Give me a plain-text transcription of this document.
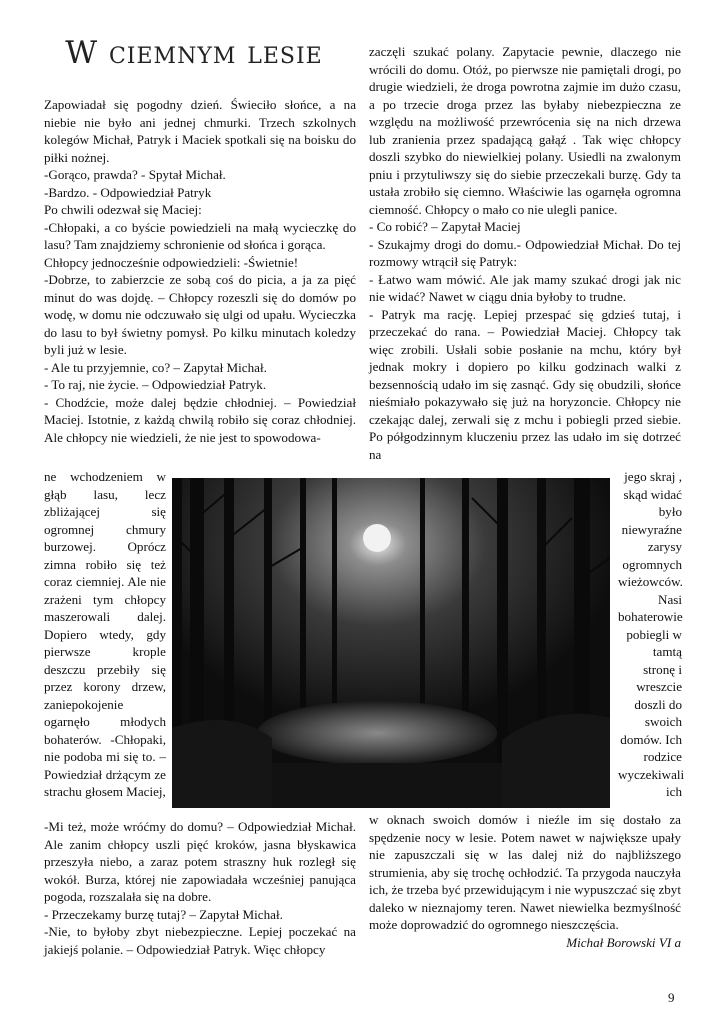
W ciemnym lesie

Zapowiadał się pogodny dzień. Świeciło słońce, a na niebie nie było ani jednej chmurki. Trzech szkolnych kolegów Michał, Patryk i Maciek spotkali się na boisku do piłki nożnej.

-Gorąco, prawda? - Spytał Michał.

-Bardzo. - Odpowiedział Patryk

Po chwili odezwał się Maciej:

-Chłopaki, a co byście powiedzieli na małą wycieczkę do lasu? Tam znajdziemy schronienie od słońca i gorąca.

Chłopcy jednocześnie odpowiedzieli: -Świetnie!

-Dobrze, to zabierzcie ze sobą coś do picia, a ja za pięć minut do was dojdę. – Chłopcy rozeszli się do domów po wodę, w domu nie odczuwało się ulgi od upału. Wycieczka do lasu to był świetny pomysł. Po kilku minutach koledzy byli już w lesie.

- Ale tu przyjemnie, co? – Zapytał Michał.

- To raj, nie życie. – Odpowiedział Patryk.

- Chodźcie, może dalej będzie chłodniej. – Powiedział Maciej. Istotnie, z każdą chwilą robiło się coraz chłodniej. Ale chłopcy nie wiedzieli, że nie jest to spowodowa-

zaczęli szukać polany. Zapytacie pewnie, dlaczego nie wrócili do domu. Otóż, po pierwsze nie pamiętali drogi, po drugie wiedzieli, że droga powrotna zajmie im dużo czasu, a po trzecie droga przez las byłaby niebezpieczna ze względu na możliwość przewrócenia się na nich drzewa lub zranienia przez spadającą gałąź . Tak więc chłopcy doszli szybko do niewielkiej polany. Usiedli na zwalonym pniu i przytuliwszy się do siebie przeczekali burzę. Gdy ta ustała zrobiło się ciemno. Właściwie las ogarnęła ogromna ciemność. Chłopcy o mało co nie ulegli panice.

- Co robić? – Zapytał Maciej

- Szukajmy drogi do domu.- Odpowiedział Michał. Do tej rozmowy wtrącił się Patryk:

- Łatwo wam mówić. Ale jak mamy szukać drogi jak nic nie widać? Nawet w ciągu dnia byłoby to trudne.

- Patryk ma rację. Lepiej przespać się gdzieś tutaj, i przeczekać do rana. – Powiedział Maciej. Chłopcy tak więc zrobili. Usłali sobie posłanie na mchu, który był jednak mokry i dopiero po kilku godzinach walki z bezsennością udało im się zasnąć. Gdy się obudzili, słońce nieśmiało pokazywało się już na horyzoncie. Chłopcy nie czekając dalej, zerwali się z mchu i pobiegli przed siebie. Po półgodzinnym kluczeniu przez las udało im się dotrzeć na

ne wchodzeniem w głąb lasu, lecz zbliżającej się ogromnej chmury burzowej. Oprócz zimna robiło się też coraz ciemniej. Ale nie zrażeni tym chłopcy maszerowali dalej. Dopiero wtedy, gdy pierwsze krople deszczu przebiły się przez korony drzew, zaniepokojenie ogarnęło młodych bohaterów. -Chłopaki, nie podoba mi się to. – Powiedział drżącym ze strachu głosem Maciej,

jego skraj , skąd widać było niewyraźne zarysy ogromnych wieżowców. Nasi bohaterowie pobiegli w tamtą stronę i wreszcie doszli do swoich domów. Ich rodzice wyczekiwali ich

-Mi też, może wróćmy do domu? – Odpowiedział Michał. Ale zanim chłopcy uszli pięć kroków, jasna błyskawica przeszyła niebo, a zaraz potem straszny huk rozległ się wokół. Burza, której nie zapowiadała wcześniej panująca pogoda, rozszalała się na dobre.

- Przeczekamy burzę tutaj? – Zapytał Michał.

-Nie, to byłoby zbyt niebezpieczne. Lepiej poczekać na jakiejś polanie. – Odpowiedział Patryk. Więc chłopcy

w oknach swoich domów i nieźle im się dostało za spędzenie nocy w lesie. Potem nawet w największe upały nie zapuszczali się w las dalej niż do najbliższego strumienia, aby się trochę ochłodzić. Ta przygoda nauczyła ich, że trzeba być przewidującym i nie wypuszczać się zbyt daleko w nieznajomy teren. Nawet niewielka bezmyślność może doprowadzić do ogromnego nieszczęścia.

Michał Borowski VI a

9
